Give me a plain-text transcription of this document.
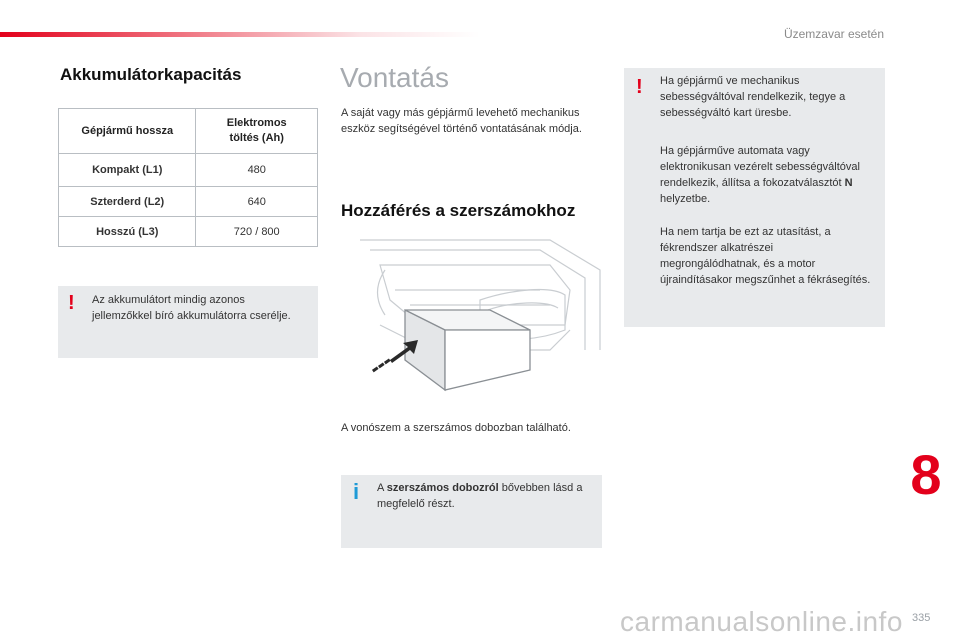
Üzemzavar esetén
Akkumulátorkapacitás
Gépjármű hossza	Elektromos töltés (Ah)
Kompakt (L1)	480
Szterderd (L2)	640
Hosszú (L3)	720 / 800
! Az akkumulátort mindig azonos jellemzőkkel bíró akkumulátorra cserélje.
Vontatás
A saját vagy más gépjármű levehető mechanikus eszköz segítségével történő vontatásának módja.
Hozzáférés a szerszámokhoz
A vonószem a szerszámos dobozban található.
i A szerszámos dobozról bővebben lásd a megfelelő részt.
! Ha gépjármű ve mechanikus sebességváltóval rendelkezik, tegye a sebességváltó kart üresbe.
Ha gépjárműve automata vagy elektronikusan vezérelt sebességváltóval rendelkezik, állítsa a fokozatválasztót N helyzetbe.
Ha nem tartja be ezt az utasítást, a fékrendszer alkatrészei megrongálódhatnak, és a motor újraindításakor megszűnhet a fékrásegítés.
8
335
carmanualsonline.info
